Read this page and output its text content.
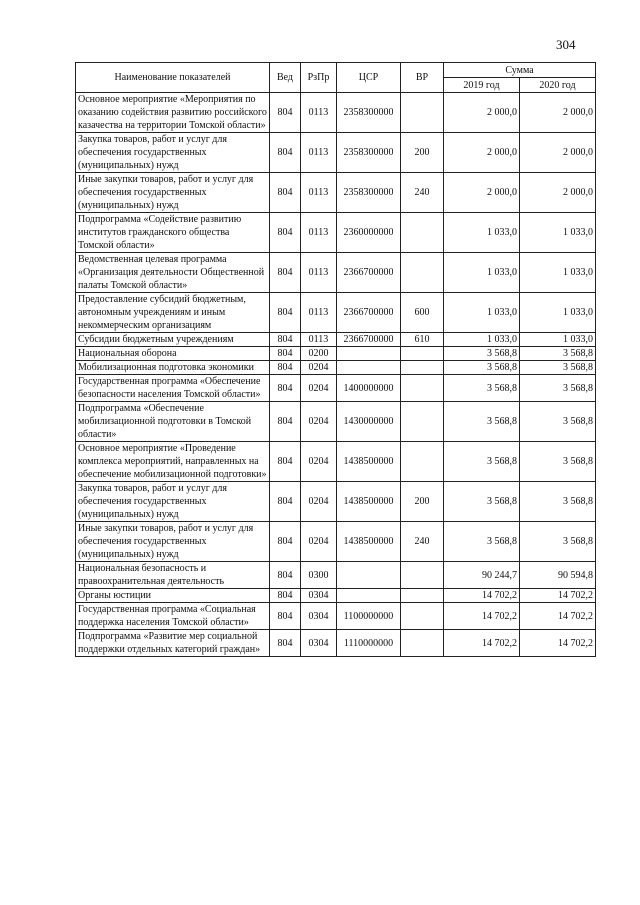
304
Наименование показателей	Вед	РзПр	ЦСР	ВР	Сумма	
					2019 год	2020 год
Основное мероприятие «Мероприятия по оказанию содействия развитию российского казачества на территории Томской области»	804	0113	2358300000		2 000,0	2 000,0
Закупка товаров, работ и услуг для обеспечения государственных (муниципальных) нужд	804	0113	2358300000	200	2 000,0	2 000,0
Иные закупки товаров, работ и услуг для обеспечения государственных (муниципальных) нужд	804	0113	2358300000	240	2 000,0	2 000,0
Подпрограмма «Содействие развитию институтов гражданского общества Томской области»	804	0113	2360000000		1 033,0	1 033,0
Ведомственная целевая программа «Организация деятельности Общественной палаты Томской области»	804	0113	2366700000		1 033,0	1 033,0
Предоставление субсидий бюджетным, автономным учреждениям и иным некоммерческим организациям	804	0113	2366700000	600	1 033,0	1 033,0
Субсидии бюджетным учреждениям	804	0113	2366700000	610	1 033,0	1 033,0
Национальная оборона	804	0200			3 568,8	3 568,8
Мобилизационная подготовка экономики	804	0204			3 568,8	3 568,8
Государственная программа «Обеспечение безопасности населения Томской области»	804	0204	1400000000		3 568,8	3 568,8
Подпрограмма «Обеспечение мобилизационной подготовки в Томской области»	804	0204	1430000000		3 568,8	3 568,8
Основное мероприятие «Проведение комплекса мероприятий, направленных на обеспечение мобилизационной подготовки»	804	0204	1438500000		3 568,8	3 568,8
Закупка товаров, работ и услуг для обеспечения государственных (муниципальных) нужд	804	0204	1438500000	200	3 568,8	3 568,8
Иные закупки товаров, работ и услуг для обеспечения государственных (муниципальных) нужд	804	0204	1438500000	240	3 568,8	3 568,8
Национальная безопасность и правоохранительная деятельность	804	0300			90 244,7	90 594,8
Органы юстиции	804	0304			14 702,2	14 702,2
Государственная программа «Социальная поддержка населения Томской области»	804	0304	1100000000		14 702,2	14 702,2
Подпрограмма «Развитие мер социальной поддержки отдельных категорий граждан»	804	0304	1110000000		14 702,2	14 702,2
